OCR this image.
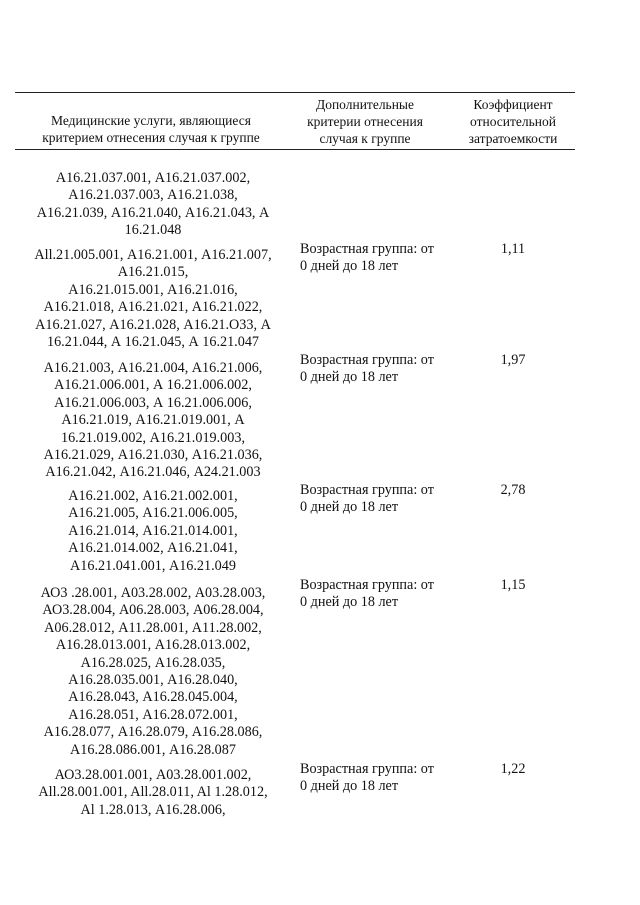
Медицинские услуги, являющиеся
критерием отнесения случая к группе
Дополнительные
критерии отнесения
случая к группе
Коэффициент
относительной
затратоемкости
А16.21.037.001, А16.21.037.002,
А16.21.037.003, А16.21.038,
А16.21.039, А16.21.040, А16.21.043, А
16.21.048
All.21.005.001, А16.21.001, А16.21.007,
А16.21.015,
А16.21.015.001, А16.21.016,
А16.21.018, А16.21.021, А16.21.022,
А16.21.027, А16.21.028, А16.21.О33, А
16.21.044, А 16.21.045, А 16.21.047
Возрастная группа: от
0 дней до 18 лет
1,11
А16.21.003, А16.21.004, А16.21.006,
А16.21.006.001, А 16.21.006.002,
А16.21.006.003, А 16.21.006.006,
А16.21.019, А16.21.019.001, А
16.21.019.002, А16.21.019.003,
А16.21.029, А16.21.030, А16.21.036,
А16.21.042, А16.21.046, А24.21.003
Возрастная группа: от
0 дней до 18 лет
1,97
А16.21.002, А16.21.002.001,
А16.21.005, А16.21.006.005,
А16.21.014, А16.21.014.001,
А16.21.014.002, А16.21.041,
А16.21.041.001, А16.21.049
Возрастная группа: от
0 дней до 18 лет
2,78
АО3 .28.001, А03.28.002, А03.28.003,
АО3.28.004, А06.28.003, А06.28.004,
А06.28.012, А11.28.001, А11.28.002,
А16.28.013.001, А16.28.013.002,
А16.28.025, А16.28.035,
А16.28.035.001, А16.28.040,
А16.28.043, А16.28.045.004,
А16.28.051, А16.28.072.001,
А16.28.077, А16.28.079, А16.28.086,
А16.28.086.001, А16.28.087
Возрастная группа: от
0 дней до 18 лет
1,15
АО3.28.001.001, А03.28.001.002,
All.28.001.001, All.28.011, Al 1.28.012,
Al 1.28.013, А16.28.006,
Возрастная группа: от
0 дней до 18 лет
1,22
